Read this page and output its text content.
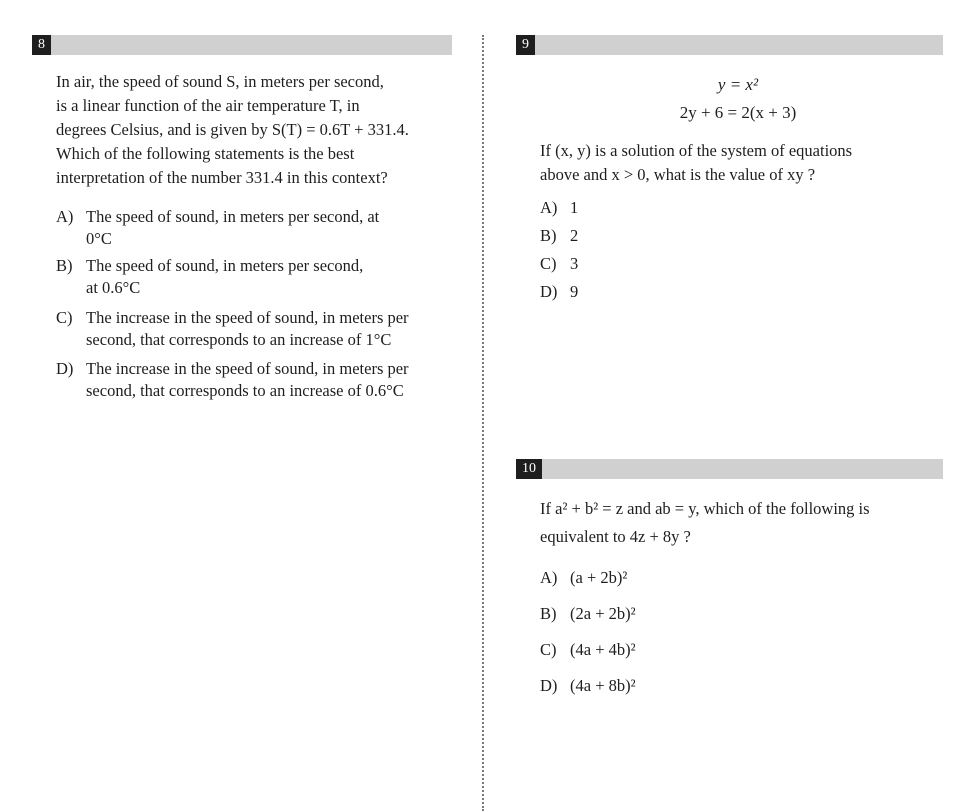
8
In air, the speed of sound S, in meters per second,
is a linear function of the air temperature T, in
degrees Celsius, and is given by S(T) = 0.6T + 331.4.
Which of the following statements is the best
interpretation of the number 331.4 in this context?
A) The speed of sound, in meters per second, at
0°C
B) The speed of sound, in meters per second,
at 0.6°C
C) The increase in the speed of sound, in meters per
second, that corresponds to an increase of 1°C
D) The increase in the speed of sound, in meters per
second, that corresponds to an increase of 0.6°C
9
y = x²
2y + 6 = 2(x + 3)
If (x, y) is a solution of the system of equations
above and x > 0, what is the value of xy ?
A) 1
B) 2
C) 3
D) 9
10
If a² + b² = z and ab = y, which of the following is
equivalent to 4z + 8y ?
A) (a + 2b)²
B) (2a + 2b)²
C) (4a + 4b)²
D) (4a + 8b)²
